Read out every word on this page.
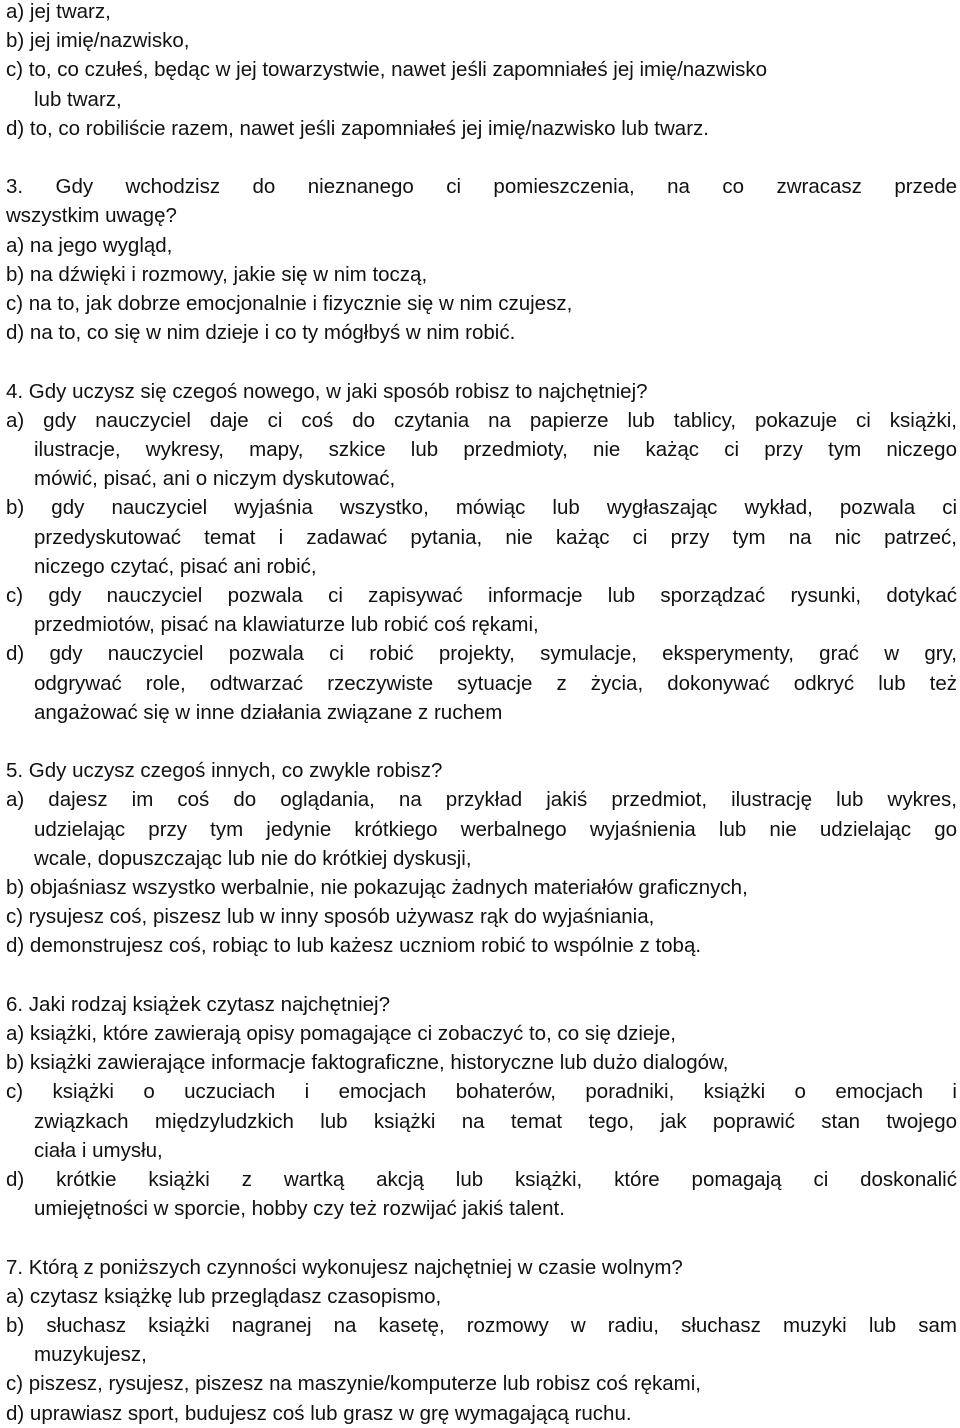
a) jej twarz,
b) jej imię/nazwisko,
c) to, co czułeś, będąc w jej towarzystwie, nawet jeśli zapomniałeś jej imię/nazwisko
lub twarz,
d) to, co robiliście razem, nawet jeśli zapomniałeś jej imię/nazwisko lub twarz.
3. Gdy wchodzisz do nieznanego ci pomieszczenia, na co zwracasz przede
wszystkim uwagę?
a) na jego wygląd,
b) na dźwięki i rozmowy, jakie się w nim toczą,
c) na to, jak dobrze emocjonalnie i fizycznie się w nim czujesz,
d) na to, co się w nim dzieje i co ty mógłbyś w nim robić.
4. Gdy uczysz się czegoś nowego, w jaki sposób robisz to najchętniej?
a) gdy nauczyciel daje ci coś do czytania na papierze lub tablicy, pokazuje ci książki,
ilustracje, wykresy, mapy, szkice lub przedmioty, nie każąc ci przy tym niczego
mówić, pisać, ani o niczym dyskutować,
b) gdy nauczyciel wyjaśnia wszystko, mówiąc lub wygłaszając wykład, pozwala ci
przedyskutować temat i zadawać pytania, nie każąc ci przy tym na nic patrzeć,
niczego czytać, pisać ani robić,
c) gdy nauczyciel pozwala ci zapisywać informacje lub sporządzać rysunki, dotykać
przedmiotów, pisać na klawiaturze lub robić coś rękami,
d) gdy nauczyciel pozwala ci robić projekty, symulacje, eksperymenty, grać w gry,
odgrywać role, odtwarzać rzeczywiste sytuacje z życia, dokonywać odkryć lub też
angażować się w inne działania związane z ruchem
5. Gdy uczysz czegoś innych, co zwykle robisz?
a) dajesz im coś do oglądania, na przykład jakiś przedmiot, ilustrację lub wykres,
udzielając przy tym jedynie krótkiego werbalnego wyjaśnienia lub nie udzielając go
wcale, dopuszczając lub nie do krótkiej dyskusji,
b) objaśniasz wszystko werbalnie, nie pokazując żadnych materiałów graficznych,
c) rysujesz coś, piszesz lub w inny sposób używasz rąk do wyjaśniania,
d) demonstrujesz coś, robiąc to lub każesz uczniom robić to wspólnie z tobą.
6. Jaki rodzaj książek czytasz najchętniej?
a) książki, które zawierają opisy pomagające ci zobaczyć to, co się dzieje,
b) książki zawierające informacje faktograficzne, historyczne lub dużo dialogów,
c) książki o uczuciach i emocjach bohaterów, poradniki, książki o emocjach i
związkach międzyludzkich lub książki na temat tego, jak poprawić stan twojego
ciała i umysłu,
d) krótkie książki z wartką akcją lub książki, które pomagają ci doskonalić
umiejętności w sporcie, hobby czy też rozwijać jakiś talent.
7. Którą z poniższych czynności wykonujesz najchętniej w czasie wolnym?
a) czytasz książkę lub przeglądasz czasopismo,
b) słuchasz książki nagranej na kasetę, rozmowy w radiu, słuchasz muzyki lub sam
muzykujesz,
c) piszesz, rysujesz, piszesz na maszynie/komputerze lub robisz coś rękami,
d) uprawiasz sport, budujesz coś lub grasz w grę wymagającą ruchu.
